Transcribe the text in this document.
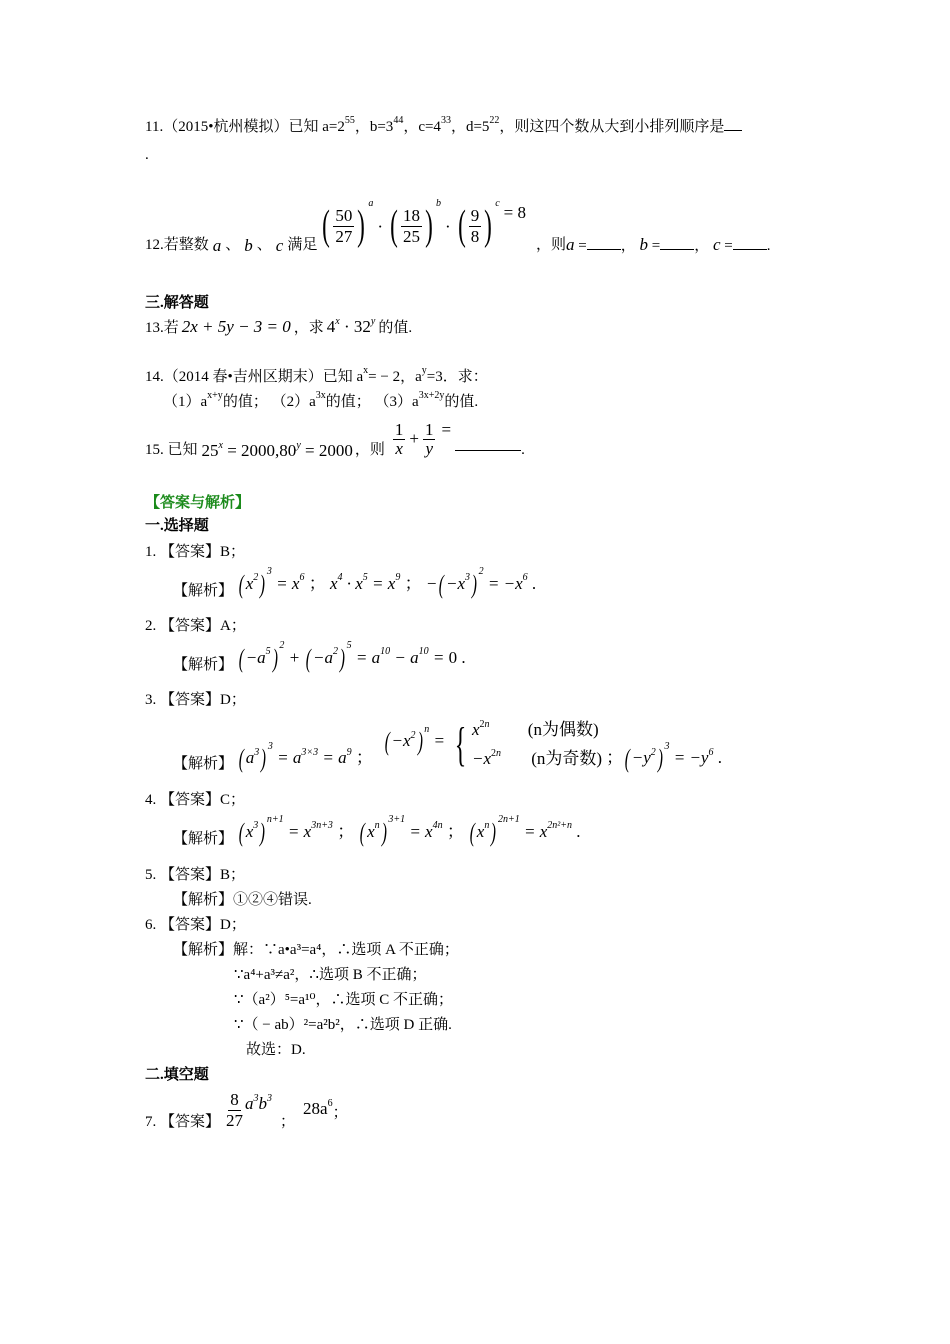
11.（2015•杭州模拟）已知 $a=2^{55}$，$b=3^{44}$，$c=4^{33}$，$d=5^{22}$，则这四个数从大到小排列顺序是
.
12.若整数 a 、 b 、 c 满足 ( $\frac{50}{27}$ ) $^a$
· ( $\frac{18}{25}$ ) $^b$
· ( $\frac{9}{8}$ ) $^c$ = 8
，则 a = ， b = ， c = .
三.解答题
13.若 2x + 5y − 3 = 0 ，求 $4^x \cdot 32^y$ 的值.
14.（2014 春•吉州区期末）已知 $a^x= - 2$，$a^y=3$．求：
$(1)a^{x+y}$的值； $(2)a^{3x}$的值； $(3)a^{3x+2y}$的值.
15. 已知 $25^x = 2000,80^y = 2000$ ，则 $\frac{1}{x} + \frac{1}{y}$ =
.
【答案与解析】
一.选择题
1. 【答案】B；
【解析】 ( $x^2$) $^3 = x^6$ ； $x^4 \cdot x^5 = x^9$ ； −( $-x^3$) $^2 = -x^6$ .
2. 【答案】A；
【解析】 ( $-a^5$) $^2$ + ( $-a^2$) $^5 = a^{10} - a^{10} = 0$ .
3. 【答案】D；
【解析】 ( $a^3$) $^3 = a^{3\times 3} = a^9$ ；
( $-x^2$) $^n$ = { $x^{2n}$ (n为偶数)
$-x^{2n}$ (n为奇数) ；( $-y^2$) $^3 = -y^6$ .
4. 【答案】C；
【解析】 ( $x^3$) $^{n+1} = x^{3n+3}$ ； ( $x^n$) $^{3+1} = x^{4n}$ ； ( $x^n$) $^{2n+1} = x^{2n^2+n}$ .
5. 【答案】B；
【解析】①②④错误.
6. 【答案】D；
【解析】解：∵a•a³=a⁴，∴选项 A 不正确；
∵a⁴+a³≠a²，∴选项 B 不正确；
∵（a²）⁵=a¹⁰，∴选项 C 不正确；
∵（ − ab）²=a²b²，∴选项 D 正确.
故选：D.
二.填空题
7. 【答案】 $\frac{8}{27} a^3b^3$
；
$28a^6$
；
